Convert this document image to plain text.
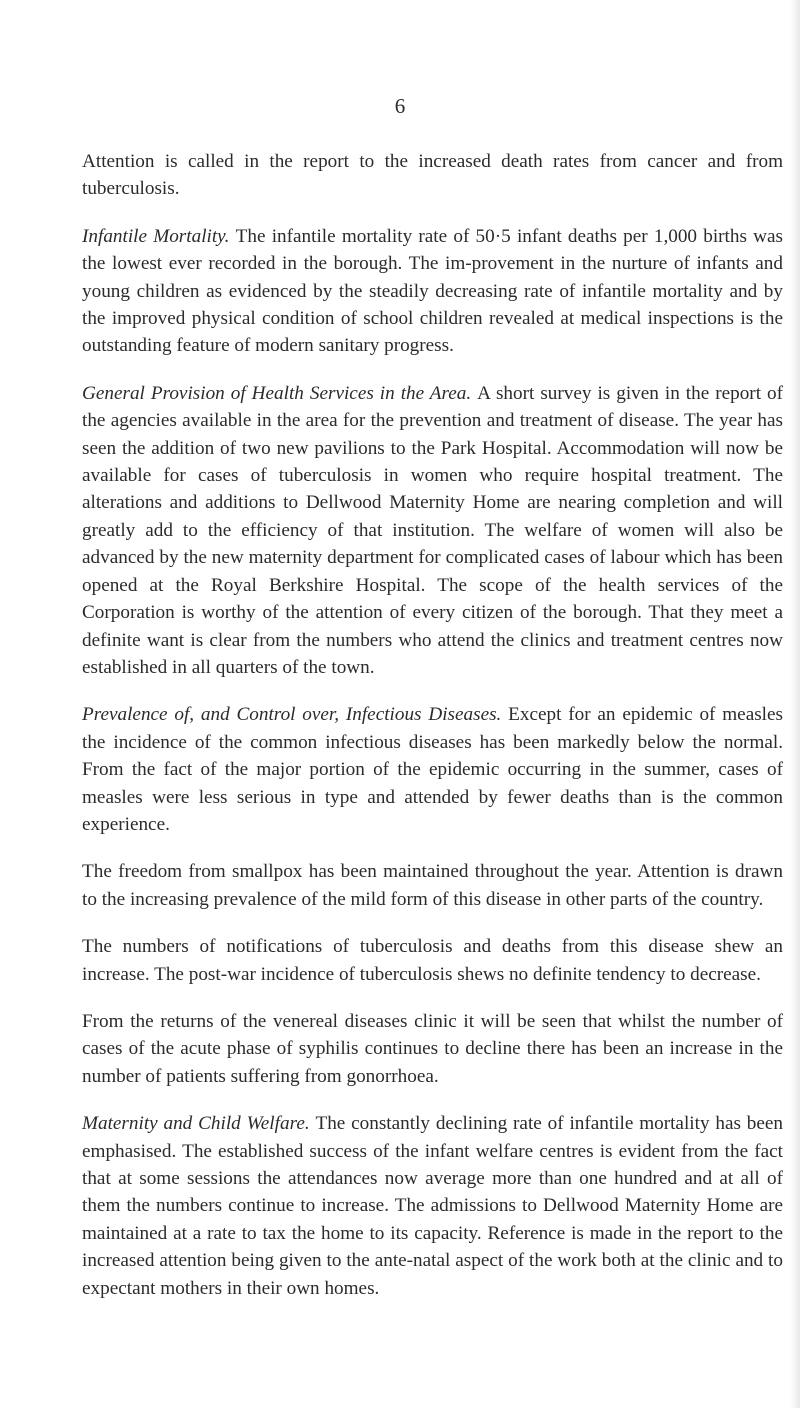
6

Attention is called in the report to the increased death rates from cancer and from tuberculosis.

Infantile Mortality. The infantile mortality rate of 50·5 infant deaths per 1,000 births was the lowest ever recorded in the borough. The im-provement in the nurture of infants and young children as evidenced by the steadily decreasing rate of infantile mortality and by the improved physical condition of school children revealed at medical inspections is the outstanding feature of modern sanitary progress.

General Provision of Health Services in the Area. A short survey is given in the report of the agencies available in the area for the prevention and treatment of disease. The year has seen the addition of two new pavilions to the Park Hospital. Accommodation will now be available for cases of tuberculosis in women who require hospital treatment. The alterations and additions to Dellwood Maternity Home are nearing completion and will greatly add to the efficiency of that institution. The welfare of women will also be advanced by the new maternity department for complicated cases of labour which has been opened at the Royal Berkshire Hospital. The scope of the health services of the Corporation is worthy of the attention of every citizen of the borough. That they meet a definite want is clear from the numbers who attend the clinics and treatment centres now established in all quarters of the town.

Prevalence of, and Control over, Infectious Diseases. Except for an epidemic of measles the incidence of the common infectious diseases has been markedly below the normal. From the fact of the major portion of the epidemic occurring in the summer, cases of measles were less serious in type and attended by fewer deaths than is the common experience.

The freedom from smallpox has been maintained throughout the year. Attention is drawn to the increasing prevalence of the mild form of this disease in other parts of the country.

The numbers of notifications of tuberculosis and deaths from this disease shew an increase. The post-war incidence of tuberculosis shews no definite tendency to decrease.

From the returns of the venereal diseases clinic it will be seen that whilst the number of cases of the acute phase of syphilis continues to decline there has been an increase in the number of patients suffering from gonorrhoea.

Maternity and Child Welfare. The constantly declining rate of infantile mortality has been emphasised. The established success of the infant welfare centres is evident from the fact that at some sessions the attendances now average more than one hundred and at all of them the numbers continue to increase. The admissions to Dellwood Maternity Home are maintained at a rate to tax the home to its capacity. Reference is made in the report to the increased attention being given to the ante-natal aspect of the work both at the clinic and to expectant mothers in their own homes.
